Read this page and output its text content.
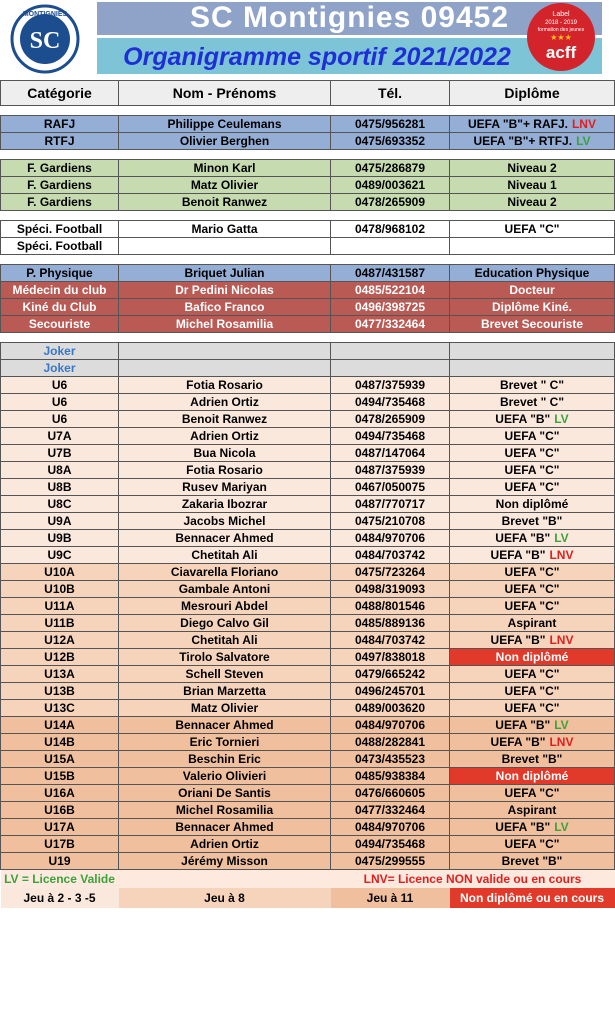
SC
MONTIGNIES	SC Montignies 09452
Organigramme sportif 2021/2022
Label
2018 - 2019
formation des jeunes
★★★
acff
Catégorie	Nom - Prénoms	Tél.	Diplôme

RAFJ	Philippe Ceulemans	0475/956281	UEFA "B"+ RAFJ. LNV
RTFJ	Olivier Berghen	0475/693352	UEFA "B"+ RTFJ. LV

F. Gardiens	Minon Karl	0475/286879	Niveau 2
F. Gardiens	Matz Olivier	0489/003621	Niveau 1
F. Gardiens	Benoit Ranwez	0478/265909	Niveau 2

Spéci. Football	Mario Gatta	0478/968102	UEFA "C"
Spéci. Football			

P. Physique	Briquet Julian	0487/431587	Education Physique
Médecin du club	Dr Pedini Nicolas	0485/522104	Docteur
Kiné du Club	Bafico Franco	0496/398725	Diplôme Kiné.
Secouriste	Michel Rosamilia	0477/332464	Brevet Secouriste

Joker			
Joker			
U6	Fotia Rosario	0487/375939	Brevet " C"
U6	Adrien Ortiz	0494/735468	Brevet " C"
U6	Benoit Ranwez	0478/265909	UEFA "B" LV
U7A	Adrien Ortiz	0494/735468	UEFA "C"
U7B	Bua Nicola	0487/147064	UEFA "C"
U8A	Fotia Rosario	0487/375939	UEFA "C"
U8B	Rusev Mariyan	0467/050075	UEFA "C"
U8C	Zakaria Ibozrar	0487/770717	Non diplômé
U9A	Jacobs Michel	0475/210708	Brevet "B"
U9B	Bennacer Ahmed	0484/970706	UEFA "B" LV
U9C	Chetitah Ali	0484/703742	UEFA "B" LNV
U10A	Ciavarella Floriano	0475/723264	UEFA "C"
U10B	Gambale Antoni	0498/319093	UEFA "C"
U11A	Mesrouri Abdel	0488/801546	UEFA "C"
U11B	Diego Calvo Gil	0485/889136	Aspirant
U12A	Chetitah Ali	0484/703742	UEFA "B" LNV
U12B	Tirolo Salvatore	0497/838018	Non diplômé
U13A	Schell Steven	0479/665242	UEFA "C"
U13B	Brian Marzetta	0496/245701	UEFA "C"
U13C	Matz Olivier	0489/003620	UEFA "C"
U14A	Bennacer Ahmed	0484/970706	UEFA "B" LV
U14B	Eric Tornieri	0488/282841	UEFA "B" LNV
U15A	Beschin Eric	0473/435523	Brevet "B"
U15B	Valerio Olivieri	0485/938384	Non diplômé
U16A	Oriani De Santis	0476/660605	UEFA "C"
U16B	Michel Rosamilia	0477/332464	Aspirant
U17A	Bennacer Ahmed	0484/970706	UEFA "B" LV
U17B	Adrien Ortiz	0494/735468	UEFA "C"
U19	Jérémy Misson	0475/299555	Brevet "B"
LV = Licence Valide		LNV= Licence NON valide ou en cours	
Jeu à 2 - 3 -5	Jeu à 8	Jeu à 11	Non diplômé ou en cours
